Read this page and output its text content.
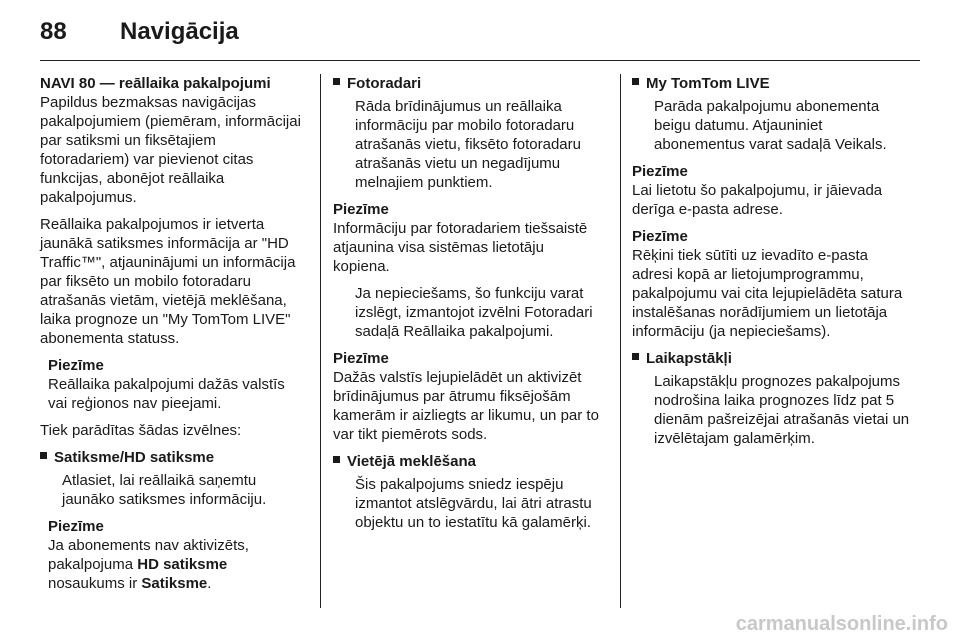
88 Navigācija

NAVI 80 — reāllaika pakalpojumi

Papildus bezmaksas navigācijas pakalpojumiem (piemēram, informācijai par satiksmi un fiksētajiem fotoradariem) var pievienot citas funkcijas, abonējot reāllaika pakalpojumus.

Reāllaika pakalpojumos ir ietverta jaunākā satiksmes informācija ar "HD Traffic™", atjauninājumi un informācija par fiksēto un mobilo fotoradaru atrašanās vietām, vietējā meklēšana, laika prognoze un "My TomTom LIVE" abonementa statuss.

Piezīme
Reāllaika pakalpojumi dažās valstīs vai reģionos nav pieejami.

Tiek parādītas šādas izvēlnes:

Satiksme/HD satiksme
Atlasiet, lai reāllaikā saņemtu jaunāko satiksmes informāciju.
Piezīme
Ja abonements nav aktivizēts, pakalpojuma HD satiksme nosaukums ir Satiksme.
Fotoradari
Rāda brīdinājumus un reāllaika informāciju par mobilo fotoradaru atrašanās vietu, fiksēto fotoradaru atrašanās vietu un negadījumu melnajiem punktiem.
Piezīme
Informāciju par fotoradariem tiešsaistē atjaunina visa sistēmas lietotāju kopiena.
Ja nepieciešams, šo funkciju varat izslēgt, izmantojot izvēlni Fotoradari sadaļā Reāllaika pakalpojumi.
Piezīme
Dažās valstīs lejupielādēt un aktivizēt brīdinājumus par ātrumu fiksējošām kamerām ir aizliegts ar likumu, un par to var tikt piemērots sods.
Vietējā meklēšana
Šis pakalpojums sniedz iespēju izmantot atslēgvārdu, lai ātri atrastu objektu un to iestatītu kā galamērķi.
My TomTom LIVE
Parāda pakalpojumu abonementa beigu datumu. Atjauniniet abonementus varat sadaļā Veikals.
Piezīme
Lai lietotu šo pakalpojumu, ir jāievada derīga e-pasta adrese.
Piezīme
Rēķini tiek sūtīti uz ievadīto e-pasta adresi kopā ar lietojumprogrammu, pakalpojumu vai cita lejupielādēta satura instalēšanas norādījumiem un lietotāja informāciju (ja nepieciešams).
Laikapstākļi
Laikapstākļu prognozes pakalpojums nodrošina laika prognozes līdz pat 5 dienām pašreizējai atrašanās vietai un izvēlētajam galamērķim.
carmanualsonline.info
